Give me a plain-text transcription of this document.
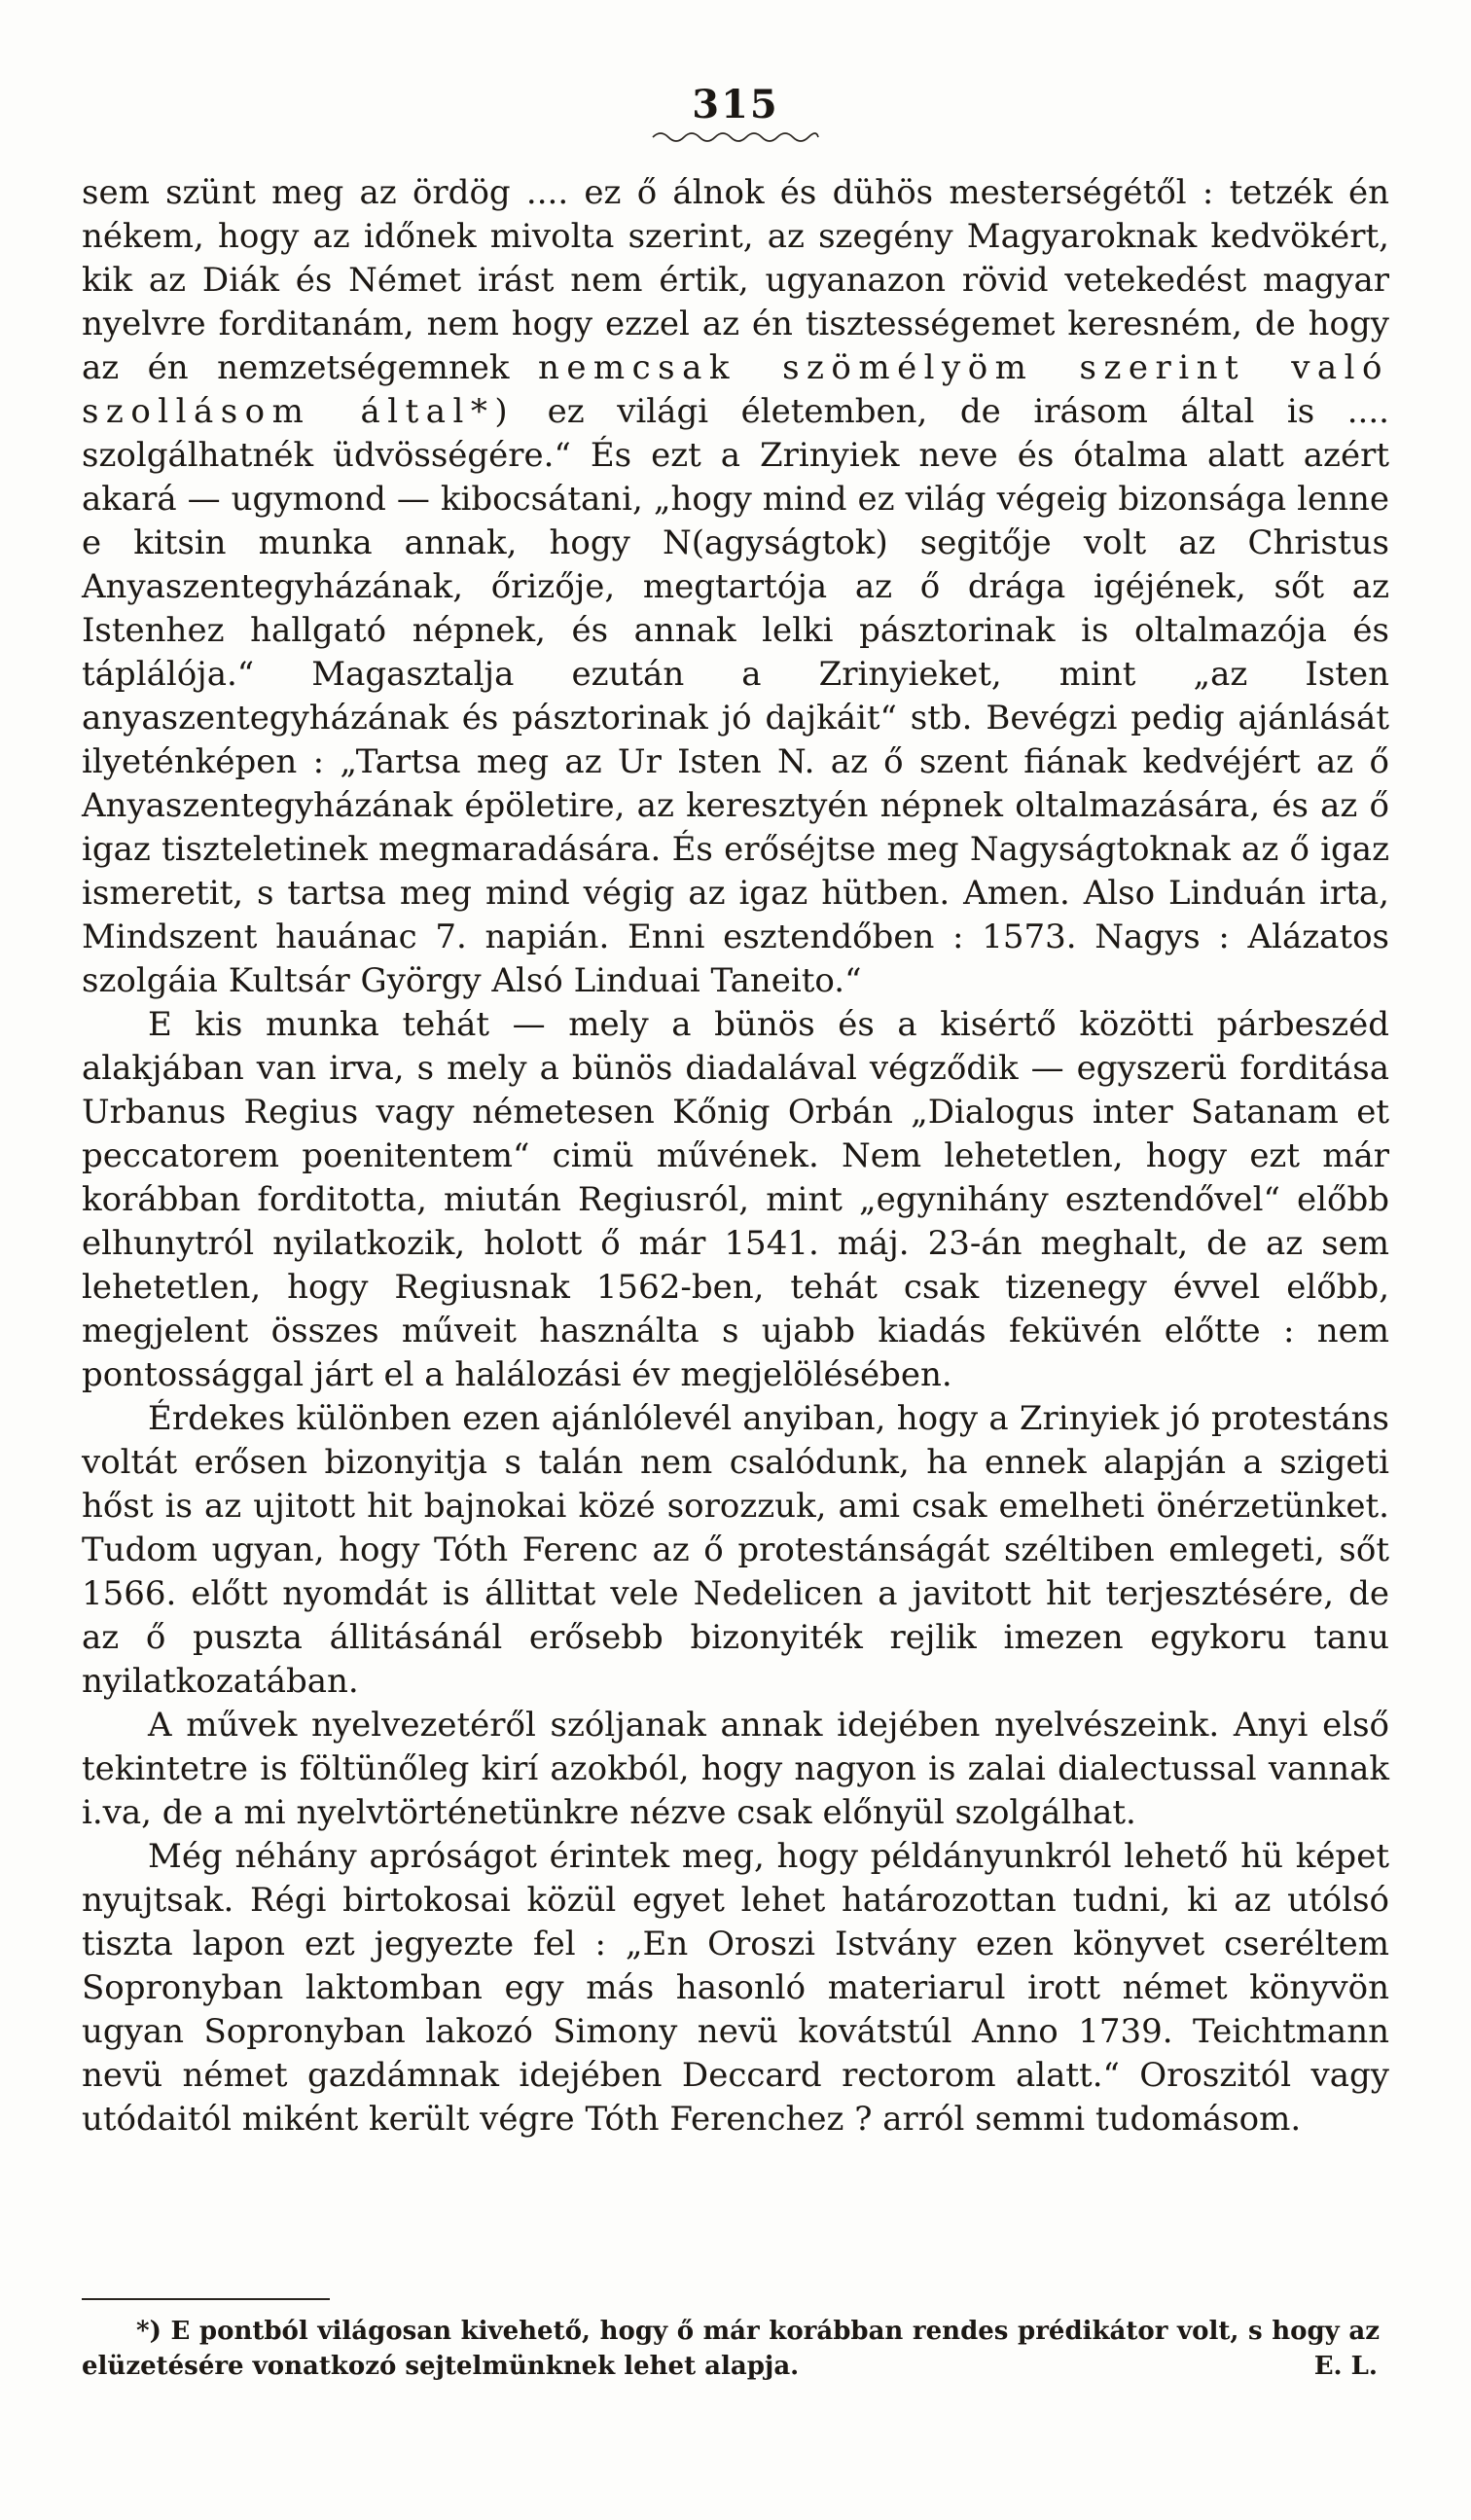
315

sem szünt meg az ördög .... ez ő álnok és dühös mesterségétől : tetzék én nékem, hogy az időnek mivolta szerint, az szegény Magyaroknak kedvökért, kik az Diák és Német irást nem értik, ugyanazon rövid vetekedést magyar nyelvre forditanám, nem hogy ezzel az én tisztességemet keresném, de hogy az én nemzetségemnek nemcsak szömélyöm szerint való szollásom által*) ez világi életemben, de irásom által is .... szolgálhatnék üdvösségére.“ És ezt a Zrinyiek neve és ótalma alatt azért akará — ugymond — kibocsátani, „hogy mind ez világ végeig bizonsága lenne e kitsin munka annak, hogy N(agyságtok) segitője volt az Christus Anyaszentegyházának, őrizője, megtartója az ő drága igéjének, sőt az Istenhez hallgató népnek, és annak lelki pásztorinak is oltalmazója és táplálója.“ Magasztalja ezután a Zrinyieket, mint „az Isten anyaszentegyházának és pásztorinak jó dajkáit“ stb. Bevégzi pedig ajánlását ilyeténképen : „Tartsa meg az Ur Isten N. az ő szent fiának kedvéjért az ő Anyaszentegyházának épöletire, az keresztyén népnek oltalmazására, és az ő igaz tiszteletinek megmaradására. És erőséjtse meg Nagyságtoknak az ő igaz ismeretit, s tartsa meg mind végig az igaz hütben. Amen. Also Linduán irta, Mindszent hauánac 7. napián. Enni esztendőben : 1573. Nagys : Alázatos szolgáia Kultsár György Alsó Linduai Taneito.“

E kis munka tehát — mely a bünös és a kisértő közötti párbeszéd alakjában van irva, s mely a bünös diadalával végződik — egyszerü forditása Urbanus Regius vagy németesen Kőnig Orbán „Dialogus inter Satanam et peccatorem poenitentem“ cimü művének. Nem lehetetlen, hogy ezt már korábban forditotta, miután Regiusról, mint „egynihány esztendővel“ előbb elhunytról nyilatkozik, holott ő már 1541. máj. 23-án meghalt, de az sem lehetetlen, hogy Regiusnak 1562-ben, tehát csak tizenegy évvel előbb, megjelent összes műveit használta s ujabb kiadás feküvén előtte : nem pontossággal járt el a halálozási év megjelölésében.

Érdekes különben ezen ajánlólevél anyiban, hogy a Zrinyiek jó protestáns voltát erősen bizonyitja s talán nem csalódunk, ha ennek alapján a szigeti hőst is az ujitott hit bajnokai közé sorozzuk, ami csak emelheti önérzetünket. Tudom ugyan, hogy Tóth Ferenc az ő protestánságát széltiben emlegeti, sőt 1566. előtt nyomdát is állittat vele Nedelicen a javitott hit terjesztésére, de az ő puszta állitásánál erősebb bizonyiték rejlik imezen egykoru tanu nyilatkozatában.

A művek nyelvezetéről szóljanak annak idejében nyelvészeink. Anyi első tekintetre is föltünőleg kirí azokból, hogy nagyon is zalai dialectussal vannak i.va, de a mi nyelvtörténetünkre nézve csak előnyül szolgálhat.

Még néhány apróságot érintek meg, hogy példányunkról lehető hü képet nyujtsak. Régi birtokosai közül egyet lehet határozottan tudni, ki az utólsó tiszta lapon ezt jegyezte fel : „En Oroszi Istvány ezen könyvet cseréltem Sopronyban laktomban egy más hasonló materiarul irott német könyvön ugyan Sopronyban lakozó Simony nevü kovátstúl Anno 1739. Teichtmann nevü német gazdámnak idejében Deccard rectorom alatt.“ Oroszitól vagy utódaitól miként került végre Tóth Ferenchez ? arról semmi tudomásom.

*) E pontból világosan kivehető, hogy ő már korábban rendes prédikátor volt, s hogy az elüzetésére vonatkozó sejtelmünknek lehet alapja.	E. L.
